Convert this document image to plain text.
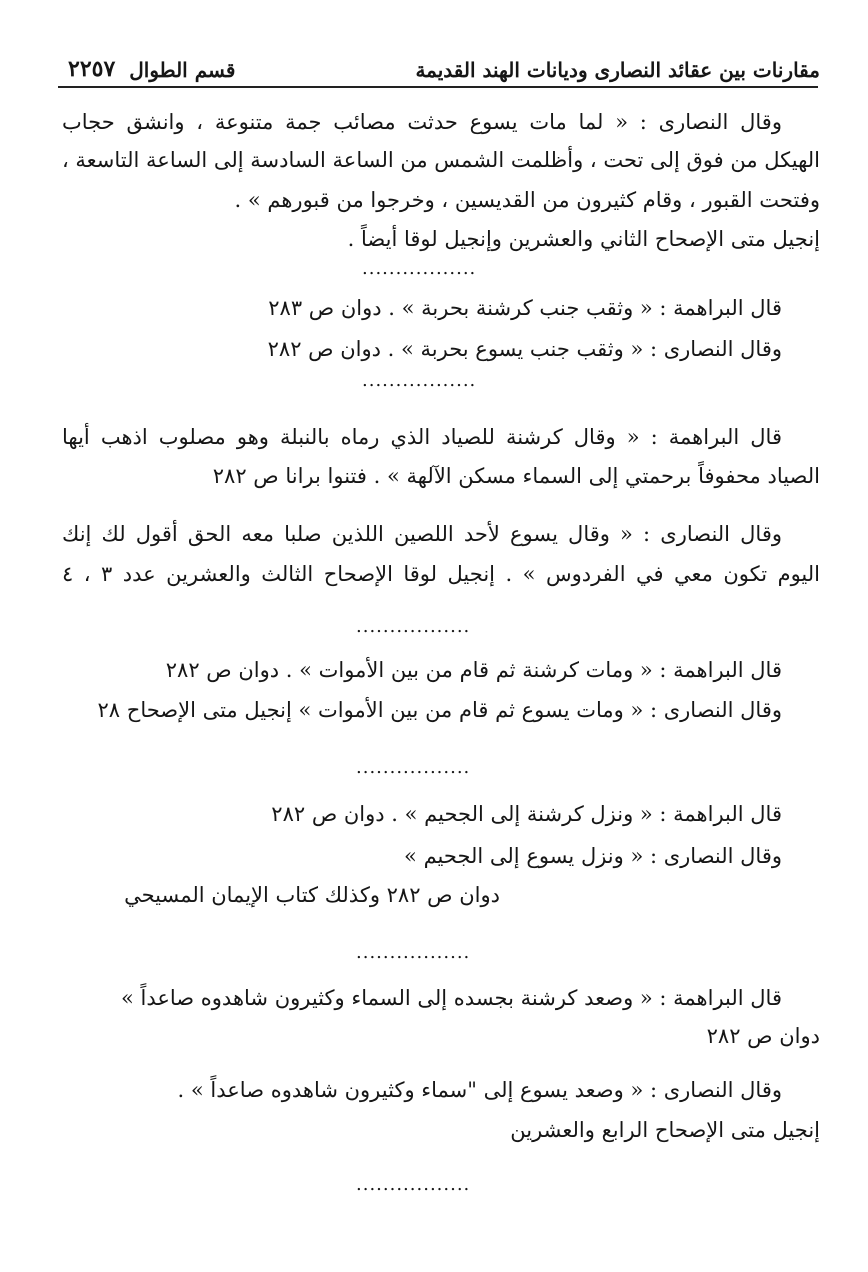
مقارنات بين عقائد النصارى وديانات الهند القديمة
قسم الطوال
٢٢٥٧
وقال النصارى : « لما مات يسوع حدثت مصائب جمة متنوعة ، وانشق حجاب
الهيكل من فوق إلى تحت ، وأظلمت الشمس من الساعة السادسة إلى الساعة التاسعة ،
وفتحت القبور ، وقام كثيرون من القديسين ، وخرجوا من قبورهم » .
إنجيل متى الإصحاح الثاني والعشرين وإنجيل لوقا أيضاً .
.................
قال البراهمة : « وثقب جنب كرشنة بحربة » . دوان ص ٢٨٣
وقال النصارى : « وثقب جنب يسوع بحربة » . دوان ص ٢٨٢
.................
قال البراهمة : « وقال كرشنة للصياد الذي رماه بالنبلة وهو مصلوب اذهب أيها
الصياد محفوفاً برحمتي إلى السماء مسكن الآلهة » . فتنوا برانا ص ٢٨٢
وقال النصارى : « وقال يسوع لأحد اللصين اللذين صلبا معه الحق أقول لك إنك
اليوم تكون معي في الفردوس » . إنجيل لوقا الإصحاح الثالث والعشرين عدد ٣ ، ٤
.................
قال البراهمة : « ومات كرشنة ثم قام من بين الأموات » . دوان ص ٢٨٢
وقال النصارى : « ومات يسوع ثم قام من بين الأموات » إنجيل متى الإصحاح ٢٨
.................
قال البراهمة : « ونزل كرشنة إلى الجحيم » . دوان ص ٢٨٢
وقال النصارى : « ونزل يسوع إلى الجحيم »
دوان ص ٢٨٢ وكذلك كتاب الإيمان المسيحي
.................
قال البراهمة : « وصعد كرشنة بجسده إلى السماء وكثيرون شاهدوه صاعداً »
دوان ص ٢٨٢
وقال النصارى : « وصعد يسوع إلى "سماء وكثيرون شاهدوه صاعداً » .
إنجيل متى الإصحاح الرابع والعشرين
.................
